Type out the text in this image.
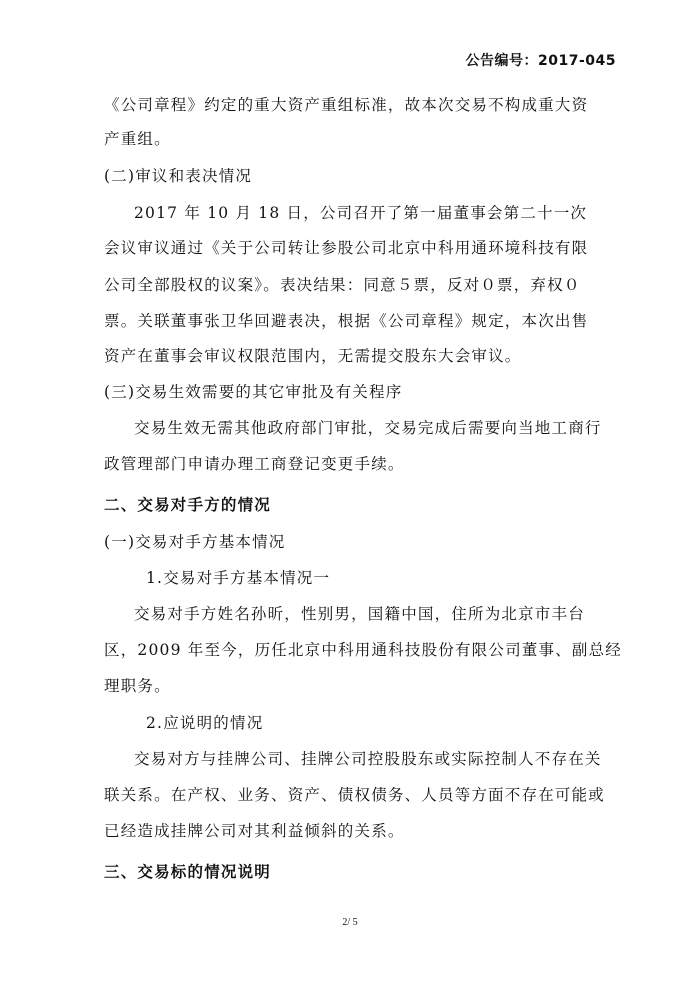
公告编号：2017-045
《公司章程》约定的重大资产重组标准，故本次交易不构成重大资
产重组。
(二)审议和表决情况
2017 年 10 月 18 日，公司召开了第一届董事会第二十一次
会议审议通过《关于公司转让参股公司北京中科用通环境科技有限
公司全部股权的议案》。表决结果：同意５票，反对０票，弃权０
票。关联董事张卫华回避表决，根据《公司章程》规定，本次出售
资产在董事会审议权限范围内，无需提交股东大会审议。
(三)交易生效需要的其它审批及有关程序
交易生效无需其他政府部门审批，交易完成后需要向当地工商行
政管理部门申请办理工商登记变更手续。
二、交易对手方的情况
(一)交易对手方基本情况
1.交易对手方基本情况一
交易对手方姓名孙昕，性别男，国籍中国，住所为北京市丰台
区，2009 年至今，历任北京中科用通科技股份有限公司董事、副总经
理职务。
2.应说明的情况
交易对方与挂牌公司、挂牌公司控股股东或实际控制人不存在关
联关系。在产权、业务、资产、债权债务、人员等方面不存在可能或
已经造成挂牌公司对其利益倾斜的关系。
三、交易标的情况说明
2/ 5
